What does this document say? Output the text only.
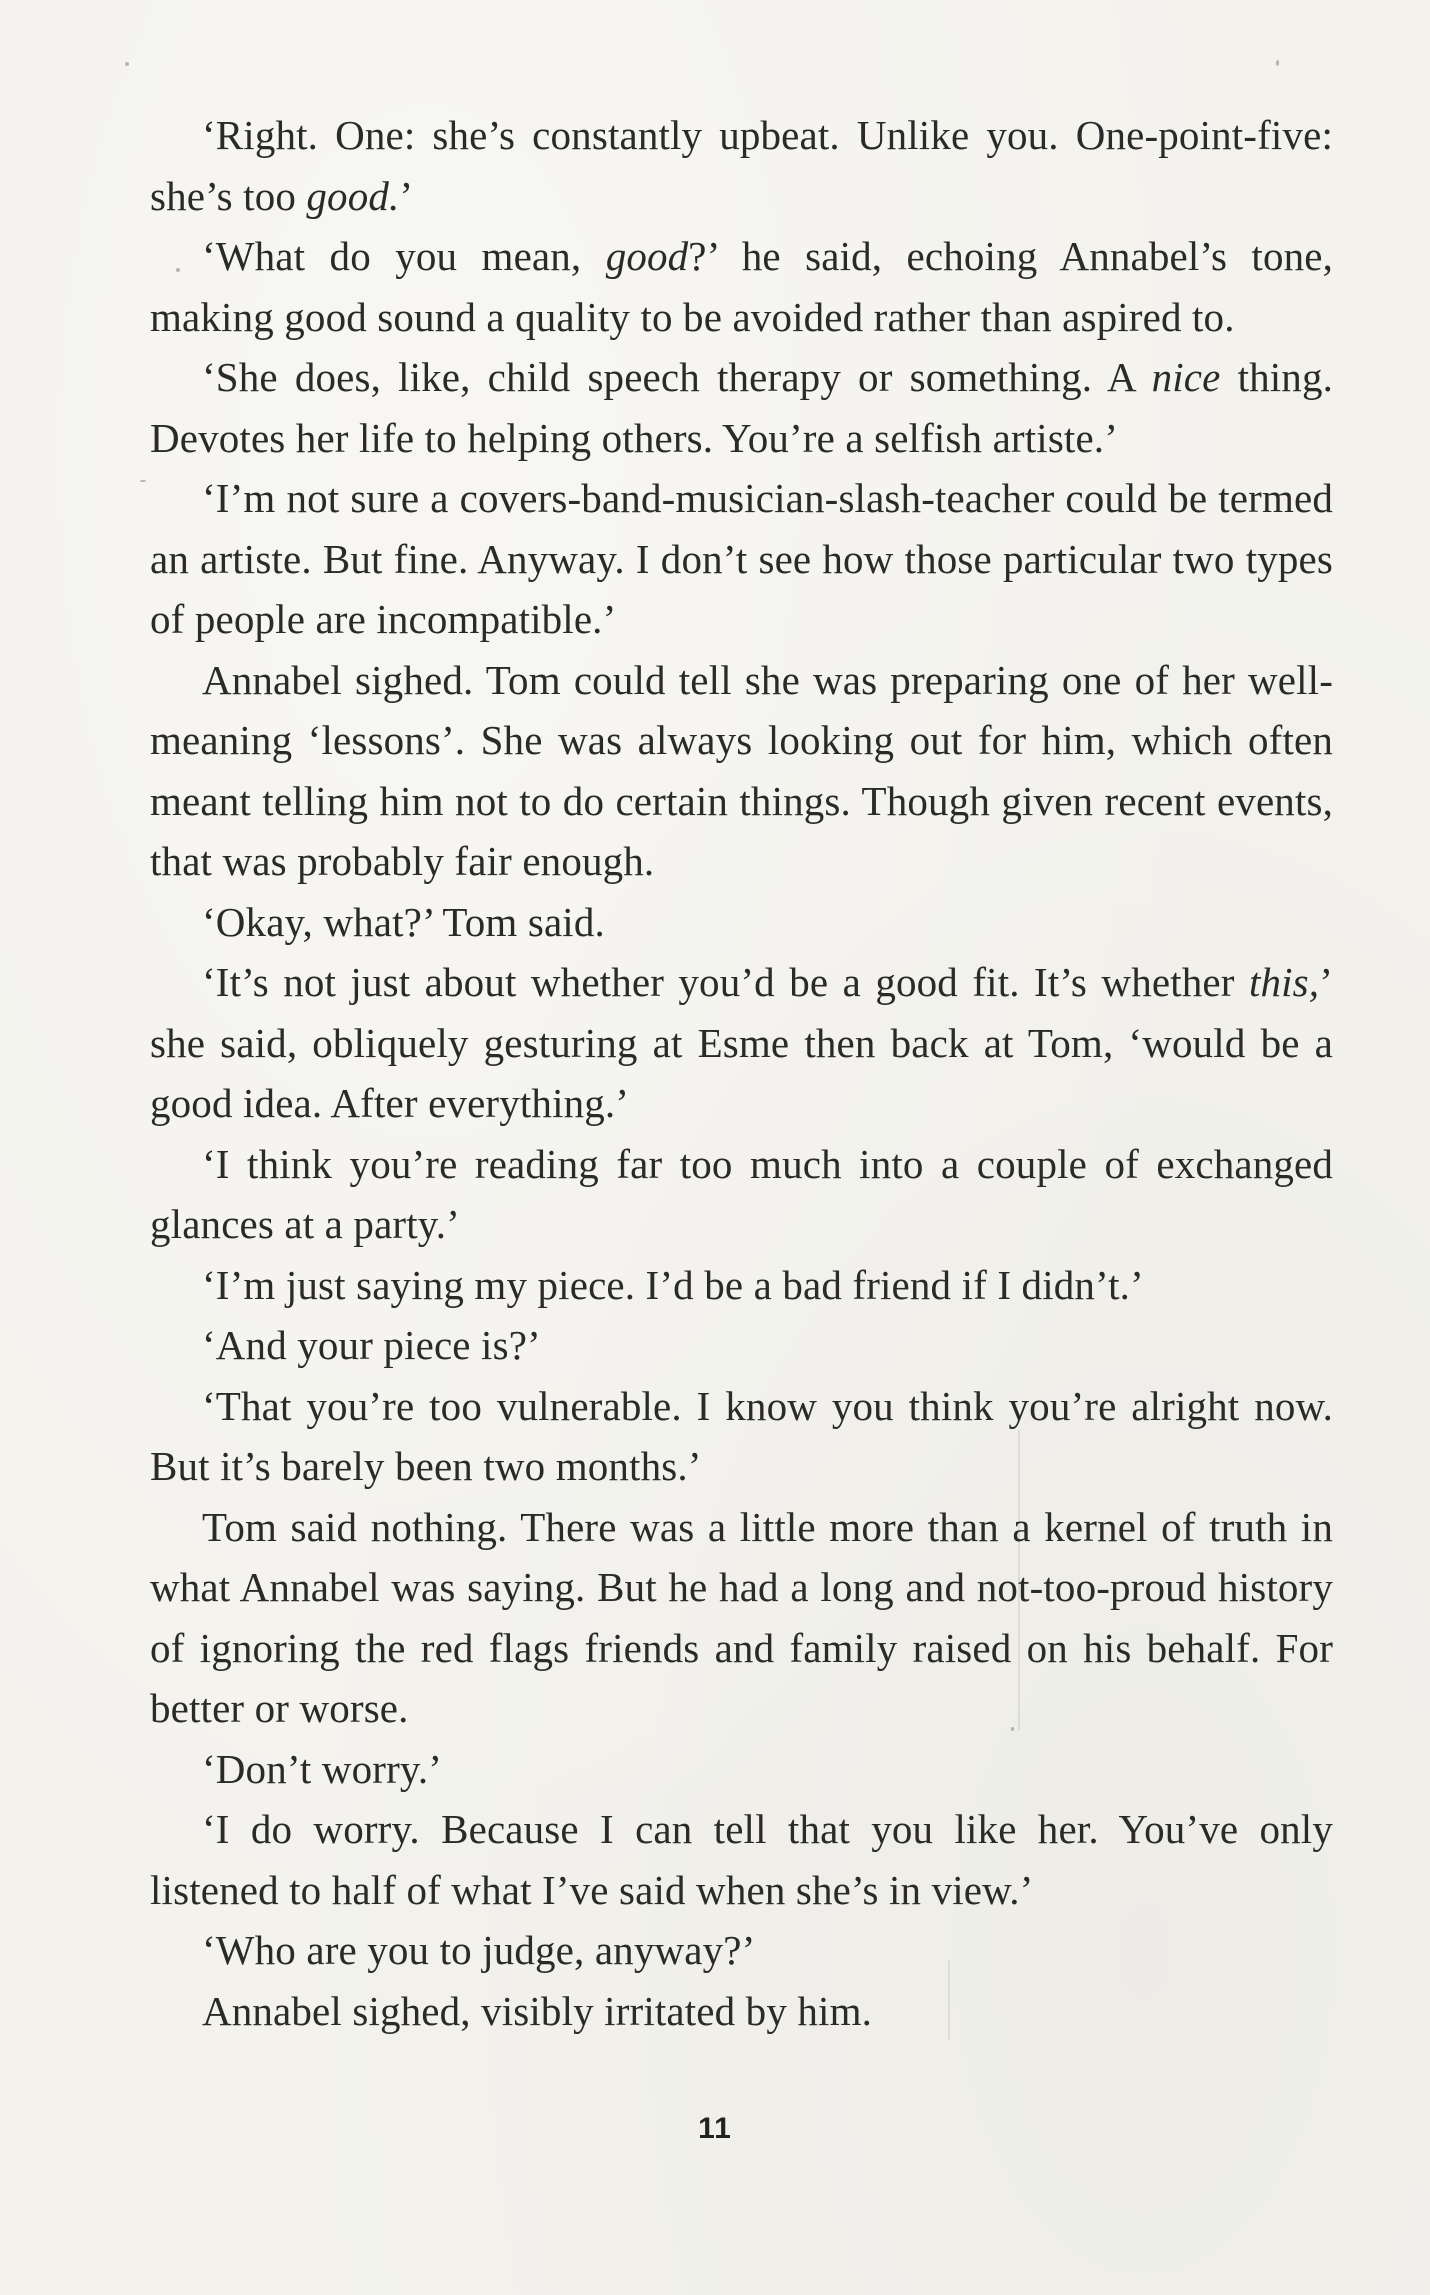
‘Right. One: she’s constantly upbeat. Unlike you. One-point-five: she’s too good.’

‘What do you mean, good?’ he said, echoing Annabel’s tone, making good sound a quality to be avoided rather than aspired to.

‘She does, like, child speech therapy or something. A nice thing. Devotes her life to helping others. You’re a selfish artiste.’

‘I’m not sure a covers-band-musician-slash-teacher could be termed an artiste. But fine. Anyway. I don’t see how those particular two types of people are incompatible.’

Annabel sighed. Tom could tell she was preparing one of her well-meaning ‘lessons’. She was always looking out for him, which often meant telling him not to do certain things. Though given recent events, that was probably fair enough.

‘Okay, what?’ Tom said.

‘It’s not just about whether you’d be a good fit. It’s whether this,’ she said, obliquely gesturing at Esme then back at Tom, ‘would be a good idea. After everything.’

‘I think you’re reading far too much into a couple of exchanged glances at a party.’

‘I’m just saying my piece. I’d be a bad friend if I didn’t.’

‘And your piece is?’

‘That you’re too vulnerable. I know you think you’re alright now. But it’s barely been two months.’

Tom said nothing. There was a little more than a kernel of truth in what Annabel was saying. But he had a long and not-too-proud history of ignoring the red flags friends and family raised on his behalf. For better or worse.

‘Don’t worry.’

‘I do worry. Because I can tell that you like her. You’ve only listened to half of what I’ve said when she’s in view.’

‘Who are you to judge, anyway?’

Annabel sighed, visibly irritated by him.

11
